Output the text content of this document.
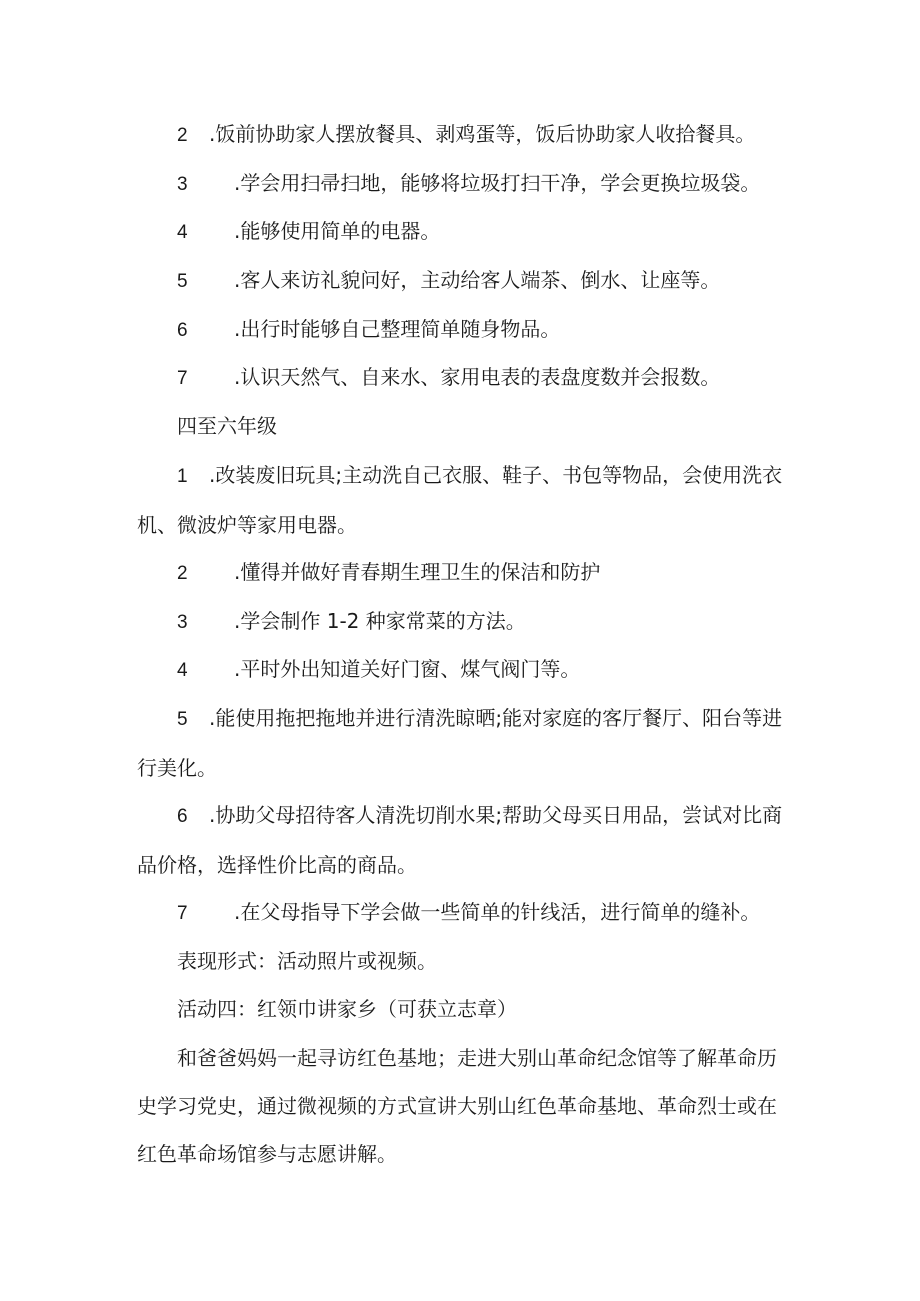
2 .饭前协助家人摆放餐具、剥鸡蛋等，饭后协助家人收拾餐具。
3 .学会用扫帚扫地，能够将垃圾打扫干净，学会更换垃圾袋。
4 .能够使用简单的电器。
5 .客人来访礼貌问好，主动给客人端茶、倒水、让座等。
6 .出行时能够自己整理简单随身物品。
7 .认识天然气、自来水、家用电表的表盘度数并会报数。
四至六年级
1 .改装废旧玩具;主动洗自己衣服、鞋子、书包等物品，会使用洗衣机、微波炉等家用电器。
2 .懂得并做好青春期生理卫生的保洁和防护
3 .学会制作 1-2 种家常菜的方法。
4 .平时外出知道关好门窗、煤气阀门等。
5 .能使用拖把拖地并进行清洗晾晒;能对家庭的客厅餐厅、阳台等进行美化。
6 .协助父母招待客人清洗切削水果;帮助父母买日用品，尝试对比商品价格，选择性价比高的商品。
7 .在父母指导下学会做一些简单的针线活，进行简单的缝补。
表现形式：活动照片或视频。
活动四：红领巾讲家乡（可获立志章）
和爸爸妈妈一起寻访红色基地；走进大别山革命纪念馆等了解革命历史学习党史，通过微视频的方式宣讲大别山红色革命基地、革命烈士或在红色革命场馆参与志愿讲解。
